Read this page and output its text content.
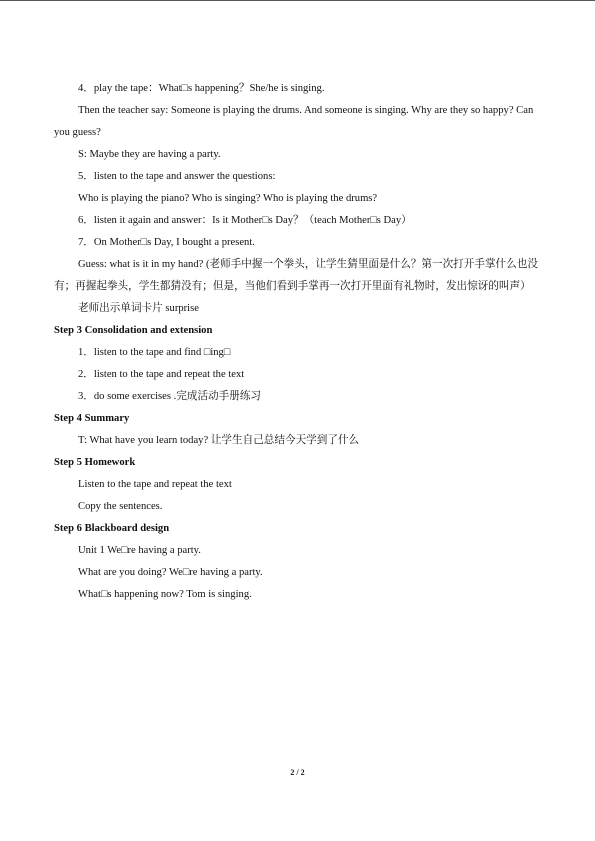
4．play the tape：What□s happening？She/he is singing.
Then the teacher say: Someone is playing the drums. And someone is singing. Why are they so happy? Can you guess?
S: Maybe they are having a party.
5．listen to the tape and answer the questions:
Who is playing the piano? Who is singing? Who is playing the drums?
6．listen it again and answer：Is it Mother□s Day？（teach Mother□s Day）
7．On Mother□s Day, I bought a present.
Guess: what is it in my hand? (老师手中握一个拳头，让学生猜里面是什么？第一次打开手掌什么也没有；再握起拳头，学生都猜没有；但是，当他们看到手掌再一次打开里面有礼物时，发出惊讶的叫声）
老师出示单词卡片 surprise
Step 3 Consolidation and extension
1．listen to the tape and find □ing□
2．listen to the tape and repeat the text
3．do some exercises .完成活动手册练习
Step 4 Summary
T: What have you learn today? 让学生自己总结今天学到了什么
Step 5 Homework
Listen to the tape and repeat the text
Copy the sentences.
Step 6 Blackboard design
Unit 1 We□re having a party.
What are you doing? We□re having a party.
What□s happening now? Tom is singing.
2 / 2
